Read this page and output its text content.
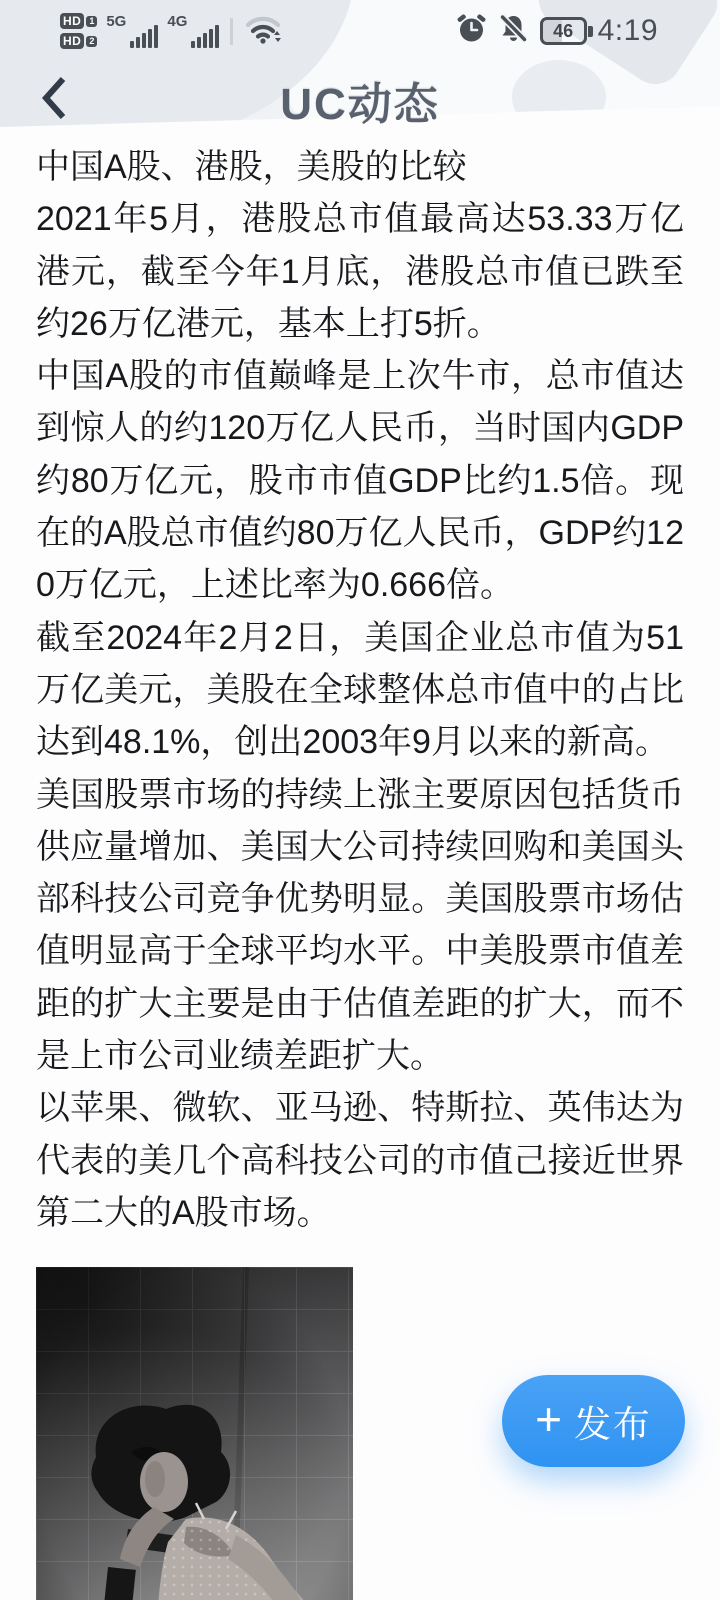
HD 1
HD 2
5G	4G	46 4:19
UC动态

中国A股、港股，美股的比较

2021年5月，港股总市值最高达53.33万亿港元，截至今年1月底，港股总市值已跌至约26万亿港元，基本上打5折。

中国A股的市值巅峰是上次牛市，总市值达到惊人的约120万亿人民币，当时国内GDP约80万亿元，股市市值GDP比约1.5倍。现在的A股总市值约80万亿人民币，GDP约120万亿元，上述比率为0.666倍。

截至2024年2月2日，美国企业总市值为51万亿美元，美股在全球整体总市值中的占比达到48.1%，创出2003年9月以来的新高。

美国股票市场的持续上涨主要原因包括货币供应量增加、美国大公司持续回购和美国头部科技公司竞争优势明显。美国股票市场估值明显高于全球平均水平。中美股票市值差距的扩大主要是由于估值差距的扩大，而不是上市公司业绩差距扩大。

以苹果、微软、亚马逊、特斯拉、英伟达为代表的美几个高科技公司的市值己接近世界第二大的A股市场。

+ 发布
